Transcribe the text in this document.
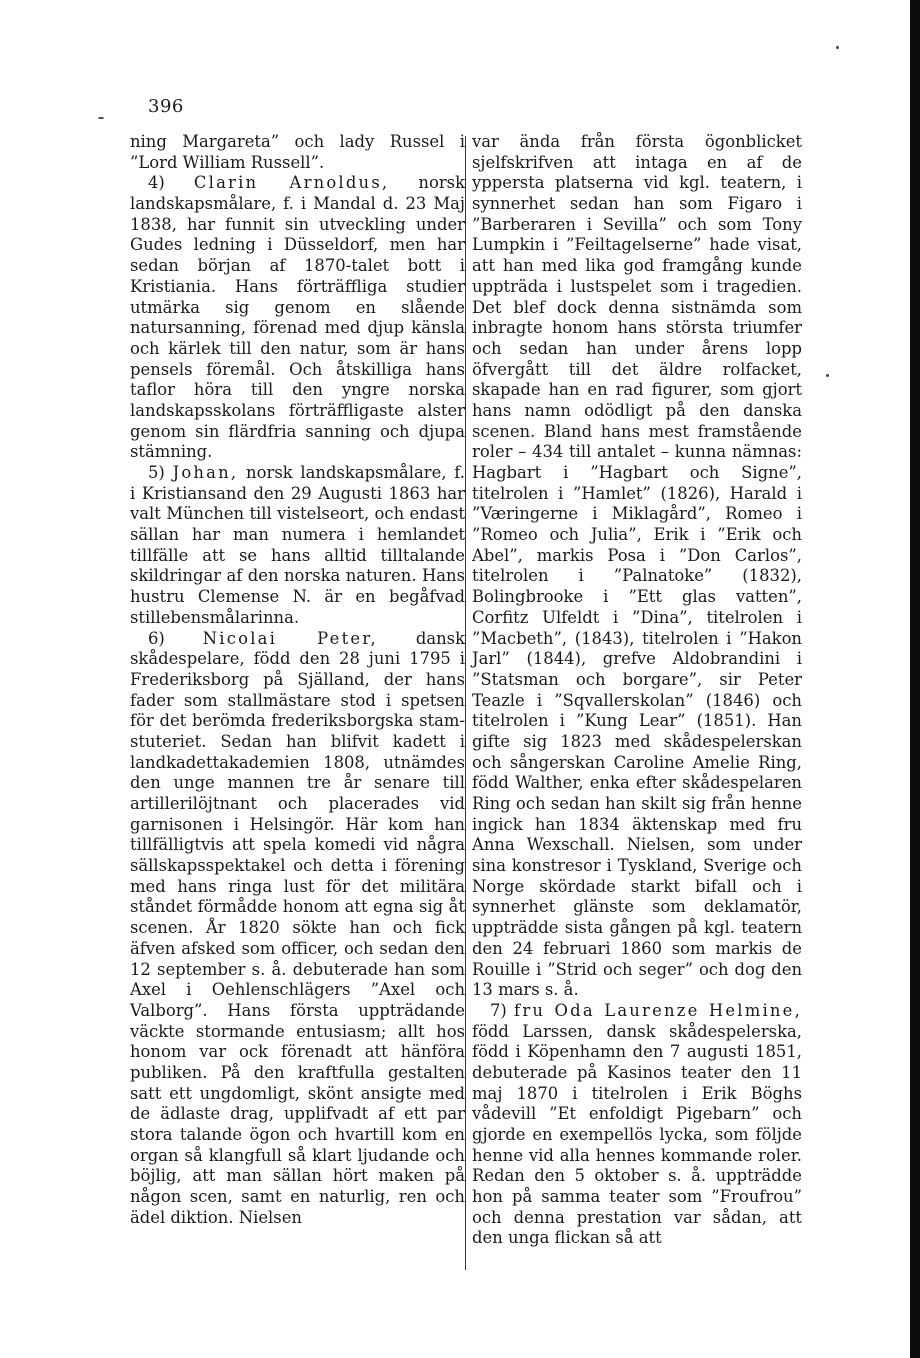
396

ning Margareta” och lady Russel i ”Lord William Russell”.

4) Clarin Arnoldus, norsk landskapsmålare, f. i Mandal d. 23 Maj 1838, har funnit sin utveckling under Gudes ledning i Düsseldorf, men har sedan början af 1870-talet bott i Kristiania. Hans förträffliga studier utmärka sig genom en slående natursanning, förenad med djup känsla och kärlek till den natur, som är hans pensels föremål. Och åtskilliga hans taflor höra till den yngre norska landskapsskolans förträffligaste alster genom sin flärdfria sanning och djupa stämning.

5) Johan, norsk landskapsmålare, f. i Kristiansand den 29 Augusti 1863 har valt München till vistelseort, och endast sällan har man numera i hemlandet tillfälle att se hans alltid tilltalande skildringar af den norska naturen. Hans hustru Clemense N. är en begåfvad stillebensmålarinna.

6) Nicolai Peter, dansk skådespelare, född den 28 juni 1795 i Frederiksborg på Själland, der hans fader som stallmästare stod i spetsen för det berömda frederiksborgska stam-stuteriet. Sedan han blifvit kadett i landkadettakademien 1808, utnämdes den unge mannen tre år senare till artillerilöjtnant och placerades vid garnisonen i Helsingör. Här kom han tillfälligtvis att spela komedi vid några sällskapsspektakel och detta i förening med hans ringa lust för det militära ståndet förmådde honom att egna sig åt scenen. År 1820 sökte han och fick äfven afsked som officer, och sedan den 12 september s. å. debuterade han som Axel i Oehlenschlägers ”Axel och Valborg”. Hans första uppträdande väckte stormande entusiasm; allt hos honom var ock förenadt att hänföra publiken. På den kraftfulla gestalten satt ett ungdomligt, skönt ansigte med de ädlaste drag, upplifvadt af ett par stora talande ögon och hvartill kom en organ så klangfull så klart ljudande och böjlig, att man sällan hört maken på någon scen, samt en naturlig, ren och ädel diktion. Nielsen

var ända från första ögonblicket sjelfskrifven att intaga en af de yppersta platserna vid kgl. teatern, i synnerhet sedan han som Figaro i ”Barberaren i Sevilla” och som Tony Lumpkin i ”Feiltagelserne” hade visat, att han med lika god framgång kunde uppträda i lustspelet som i tragedien. Det blef dock denna sistnämda som inbragte honom hans största triumfer och sedan han under årens lopp öfvergått till det äldre rolfacket, skapade han en rad figurer, som gjort hans namn odödligt på den danska scenen. Bland hans mest framstående roler – 434 till antalet – kunna nämnas: Hagbart i ”Hagbart och Signe”, titelrolen i ”Hamlet” (1826), Harald i ”Væringerne i Miklagård”, Romeo i ”Romeo och Julia”, Erik i ”Erik och Abel”, markis Posa i ”Don Carlos”, titelrolen i ”Palnatoke” (1832), Bolingbrooke i ”Ett glas vatten”, Corfitz Ulfeldt i ”Dina”, titelrolen i ”Macbeth”, (1843), titelrolen i ”Hakon Jarl” (1844), grefve Aldobrandini i ”Statsman och borgare”, sir Peter Teazle i ”Sqvallerskolan” (1846) och titelrolen i ”Kung Lear” (1851). Han gifte sig 1823 med skådespelerskan och sångerskan Caroline Amelie Ring, född Walther, enka efter skådespelaren Ring och sedan han skilt sig från henne ingick han 1834 äktenskap med fru Anna Wexschall. Nielsen, som under sina konstresor i Tyskland, Sverige och Norge skördade starkt bifall och i synnerhet glänste som deklamatör, uppträdde sista gången på kgl. teatern den 24 februari 1860 som markis de Rouille i ”Strid och seger” och dog den 13 mars s. å.

7) fru Oda Laurenze Helmine, född Larssen, dansk skådespelerska, född i Köpenhamn den 7 augusti 1851, debuterade på Kasinos teater den 11 maj 1870 i titelrolen i Erik Böghs vådevill ”Et enfoldigt Pigebarn” och gjorde en exempellös lycka, som följde henne vid alla hennes kommande roler. Redan den 5 oktober s. å. uppträdde hon på samma teater som ”Froufrou” och denna prestation var sådan, att den unga flickan så att
